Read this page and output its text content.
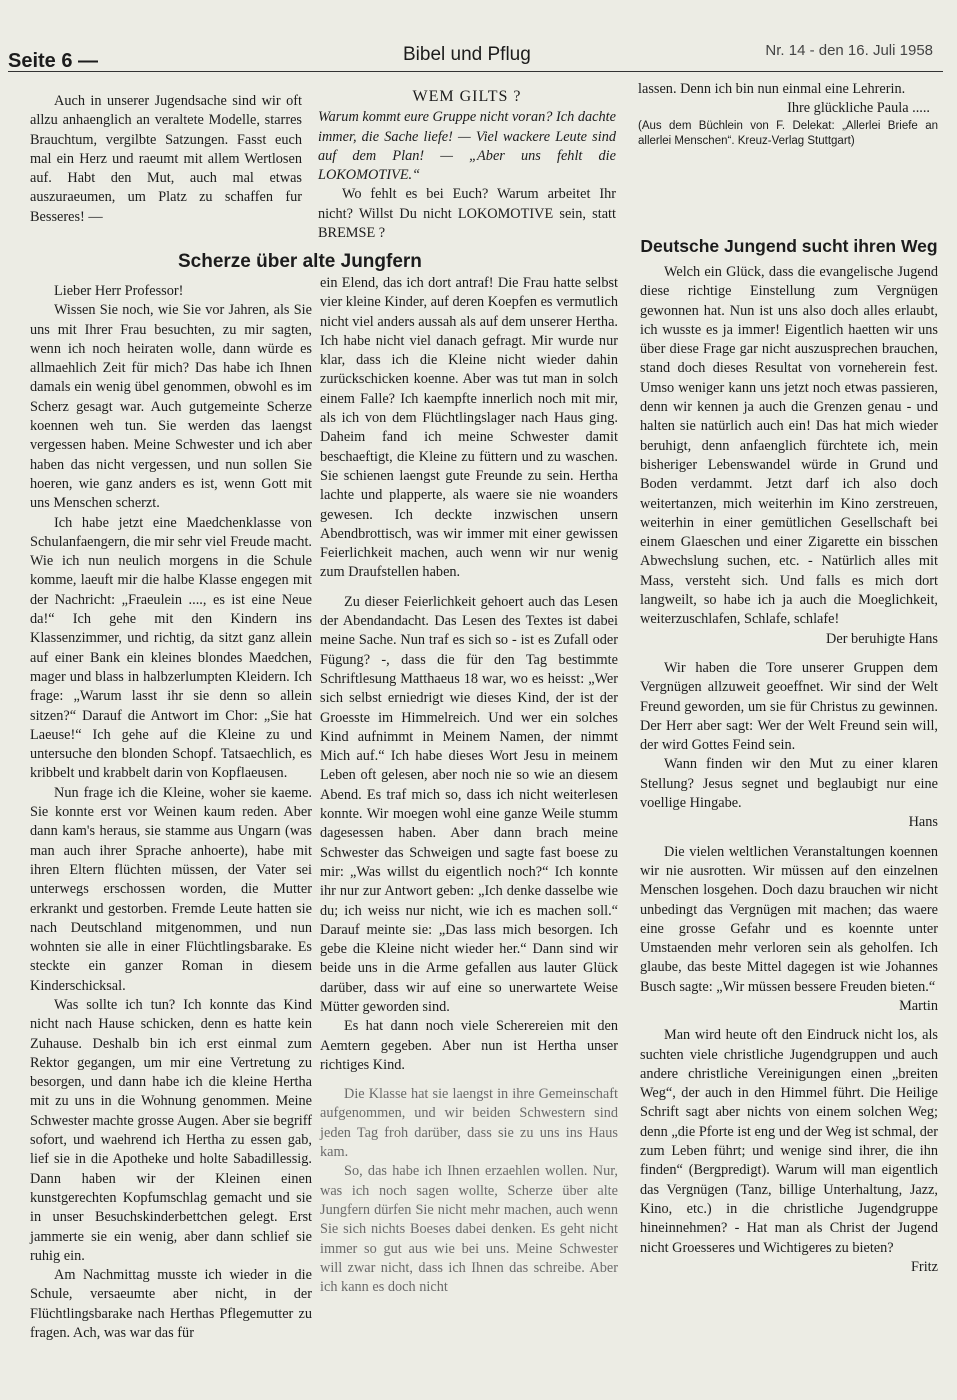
Seite 6 —	Bibel und Pflug	Nr. 14 - den 16. Juli 1958

Auch in unserer Jugendsache sind wir oft allzu anhaenglich an veraltete Modelle, starres Brauchtum, vergilbte Satzungen. Fasst euch mal ein Herz und raeumt mit allem Wertlosen auf. Habt den Mut, auch mal etwas auszuraeumen, um Platz zu schaffen fur Besseres! —

Scherze über alte Jungfern

Lieber Herr Professor!

Wissen Sie noch, wie Sie vor Jahren, als Sie uns mit Ihrer Frau besuchten, zu mir sagten, wenn ich noch heiraten wolle, dann würde es allmaehlich Zeit für mich? Das habe ich Ihnen damals ein wenig übel genommen, obwohl es im Scherz gesagt war. Auch gutgemeinte Scherze koennen weh tun. Sie werden das laengst vergessen haben. Meine Schwester und ich aber haben das nicht vergessen, und nun sollen Sie hoeren, wie ganz anders es ist, wenn Gott mit uns Menschen scherzt.

Ich habe jetzt eine Maedchenklasse von Schulanfaengern, die mir sehr viel Freude macht. Wie ich nun neulich morgens in die Schule komme, laeuft mir die halbe Klasse engegen mit der Nachricht: „Fraeulein ...., es ist eine Neue da!“ Ich gehe mit den Kindern ins Klassenzimmer, und richtig, da sitzt ganz allein auf einer Bank ein kleines blondes Maedchen, mager und blass in halbzerlumpten Kleidern. Ich frage: „Warum lasst ihr sie denn so allein sitzen?“ Darauf die Antwort im Chor: „Sie hat Laeuse!“ Ich gehe auf die Kleine zu und untersuche den blonden Schopf. Tatsaechlich, es kribbelt und krabbelt darin von Kopflaeusen.

Nun frage ich die Kleine, woher sie kaeme. Sie konnte erst vor Weinen kaum reden. Aber dann kam's heraus, sie stamme aus Ungarn (was man auch ihrer Sprache anhoerte), habe mit ihren Eltern flüchten müssen, der Vater sei unterwegs erschossen worden, die Mutter erkrankt und gestorben. Fremde Leute hatten sie nach Deutschland mitgenommen, und nun wohnten sie alle in einer Flüchtlingsbarake. Es steckte ein ganzer Roman in diesem Kinderschicksal.

Was sollte ich tun? Ich konnte das Kind nicht nach Hause schicken, denn es hatte kein Zuhause. Deshalb bin ich erst einmal zum Rektor gegangen, um mir eine Vertretung zu besorgen, und dann habe ich die kleine Hertha mit zu uns in die Wohnung genommen. Meine Schwester machte grosse Augen. Aber sie begriff sofort, und waehrend ich Hertha zu essen gab, lief sie in die Apotheke und holte Sabadillessig. Dann haben wir der Kleinen einen kunstgerechten Kopfumschlag gemacht und sie in unser Besuchskinderbettchen gelegt. Erst jammerte sie ein wenig, aber dann schlief sie ruhig ein.

Am Nachmittag musste ich wieder in die Schule, versaeumte aber nicht, in der Flüchtlingsbarake nach Herthas Pflegemutter zu fragen. Ach, was war das für

WEM GILTS ?

Warum kommt eure Gruppe nicht voran? Ich dachte immer, die Sache liefe! — Viel wackere Leute sind auf dem Plan! — „Aber uns fehlt die LOKOMOTIVE.“

Wo fehlt es bei Euch? Warum arbeitet Ihr nicht? Willst Du nicht LOKOMOTIVE sein, statt BREMSE ?

ein Elend, das ich dort antraf! Die Frau hatte selbst vier kleine Kinder, auf deren Koepfen es vermutlich nicht viel anders aussah als auf dem unserer Hertha. Ich habe nicht viel danach gefragt. Mir wurde nur klar, dass ich die Kleine nicht wieder dahin zurückschicken koenne. Aber was tut man in solch einem Falle? Ich kaempfte innerlich noch mit mir, als ich von dem Flüchtlingslager nach Haus ging. Daheim fand ich meine Schwester damit beschaeftigt, die Kleine zu füttern und zu waschen. Sie schienen laengst gute Freunde zu sein. Hertha lachte und plapperte, als waere sie nie woanders gewesen. Ich deckte inzwischen unsern Abendbrottisch, was wir immer mit einer gewissen Feierlichkeit machen, auch wenn wir nur wenig zum Draufstellen haben.

Zu dieser Feierlichkeit gehoert auch das Lesen der Abendandacht. Das Lesen des Textes ist dabei meine Sache. Nun traf es sich so - ist es Zufall oder Fügung? -, dass die für den Tag bestimmte Schriftlesung Matthaeus 18 war, wo es heisst: „Wer sich selbst erniedrigt wie dieses Kind, der ist der Groesste im Himmelreich. Und wer ein solches Kind aufnimmt in Meinem Namen, der nimmt Mich auf.“ Ich habe dieses Wort Jesu in meinem Leben oft gelesen, aber noch nie so wie an diesem Abend. Es traf mich so, dass ich nicht weiterlesen konnte. Wir moegen wohl eine ganze Weile stumm dagesessen haben. Aber dann brach meine Schwester das Schweigen und sagte fast boese zu mir: „Was willst du eigentlich noch?“ Ich konnte ihr nur zur Antwort geben: „Ich denke dasselbe wie du; ich weiss nur nicht, wie ich es machen soll.“ Darauf meinte sie: „Das lass mich besorgen. Ich gebe die Kleine nicht wieder her.“ Dann sind wir beide uns in die Arme gefallen aus lauter Glück darüber, dass wir auf eine so unerwartete Weise Mütter geworden sind.

Es hat dann noch viele Scherereien mit den Aemtern gegeben. Aber nun ist Hertha unser richtiges Kind.

Die Klasse hat sie laengst in ihre Gemeinschaft aufgenommen, und wir beiden Schwestern sind jeden Tag froh darüber, dass sie zu uns ins Haus kam.

So, das habe ich Ihnen erzaehlen wollen. Nur, was ich noch sagen wollte, Scherze über alte Jungfern dürfen Sie nicht mehr machen, auch wenn Sie sich nichts Boeses dabei denken. Es geht nicht immer so gut aus wie bei uns. Meine Schwester will zwar nicht, dass ich Ihnen das schreibe. Aber ich kann es doch nicht

lassen. Denn ich bin nun einmal eine Lehrerin.

Ihre glückliche Paula .....

(Aus dem Büchlein von F. Delekat: „Allerlei Briefe an allerlei Menschen“. Kreuz-Verlag Stuttgart)

Deutsche Jungend sucht ihren Weg

Welch ein Glück, dass die evangelische Jugend diese richtige Einstellung zum Vergnügen gewonnen hat. Nun ist uns also doch alles erlaubt, ich wusste es ja immer! Eigentlich haetten wir uns über diese Frage gar nicht auszusprechen brauchen, stand doch dieses Resultat von vorneherein fest. Umso weniger kann uns jetzt noch etwas passieren, denn wir kennen ja auch die Grenzen genau - und halten sie natürlich auch ein! Das hat mich wieder beruhigt, denn anfaenglich fürchtete ich, mein bisheriger Lebenswandel würde in Grund und Boden verdammt. Jetzt darf ich also doch weitertanzen, mich weiterhin im Kino zerstreuen, weiterhin in einer gemütlichen Gesellschaft bei einem Glaeschen und einer Zigarette ein bisschen Abwechslung suchen, etc. - Natürlich alles mit Mass, versteht sich. Und falls es mich dort langweilt, so habe ich ja auch die Moeglichkeit, weiterzuschlafen, Schlafe, schlafe!

Der beruhigte Hans

Wir haben die Tore unserer Gruppen dem Vergnügen allzuweit geoeffnet. Wir sind der Welt Freund geworden, um sie für Christus zu gewinnen. Der Herr aber sagt: Wer der Welt Freund sein will, der wird Gottes Feind sein.

Wann finden wir den Mut zu einer klaren Stellung? Jesus segnet und beglaubigt nur eine voellige Hingabe.

Hans

Die vielen weltlichen Veranstaltungen koennen wir nie ausrotten. Wir müssen auf den einzelnen Menschen losgehen. Doch dazu brauchen wir nicht unbedingt das Vergnügen mit machen; das waere eine grosse Gefahr und es koennte unter Umstaenden mehr verloren sein als geholfen. Ich glaube, das beste Mittel dagegen ist wie Johannes Busch sagte: „Wir müssen bessere Freuden bieten.“

Martin

Man wird heute oft den Eindruck nicht los, als suchten viele christliche Jugendgruppen und auch andere christliche Vereinigungen einen „breiten Weg“, der auch in den Himmel führt. Die Heilige Schrift sagt aber nichts von einem solchen Weg; denn „die Pforte ist eng und der Weg ist schmal, der zum Leben führt; und wenige sind ihrer, die ihn finden“ (Bergpredigt). Warum will man eigentlich das Vergnügen (Tanz, billige Unterhaltung, Jazz, Kino, etc.) in die christliche Jugendgruppe hineinnehmen? - Hat man als Christ der Jugend nicht Groesseres und Wichtigeres zu bieten?

Fritz
